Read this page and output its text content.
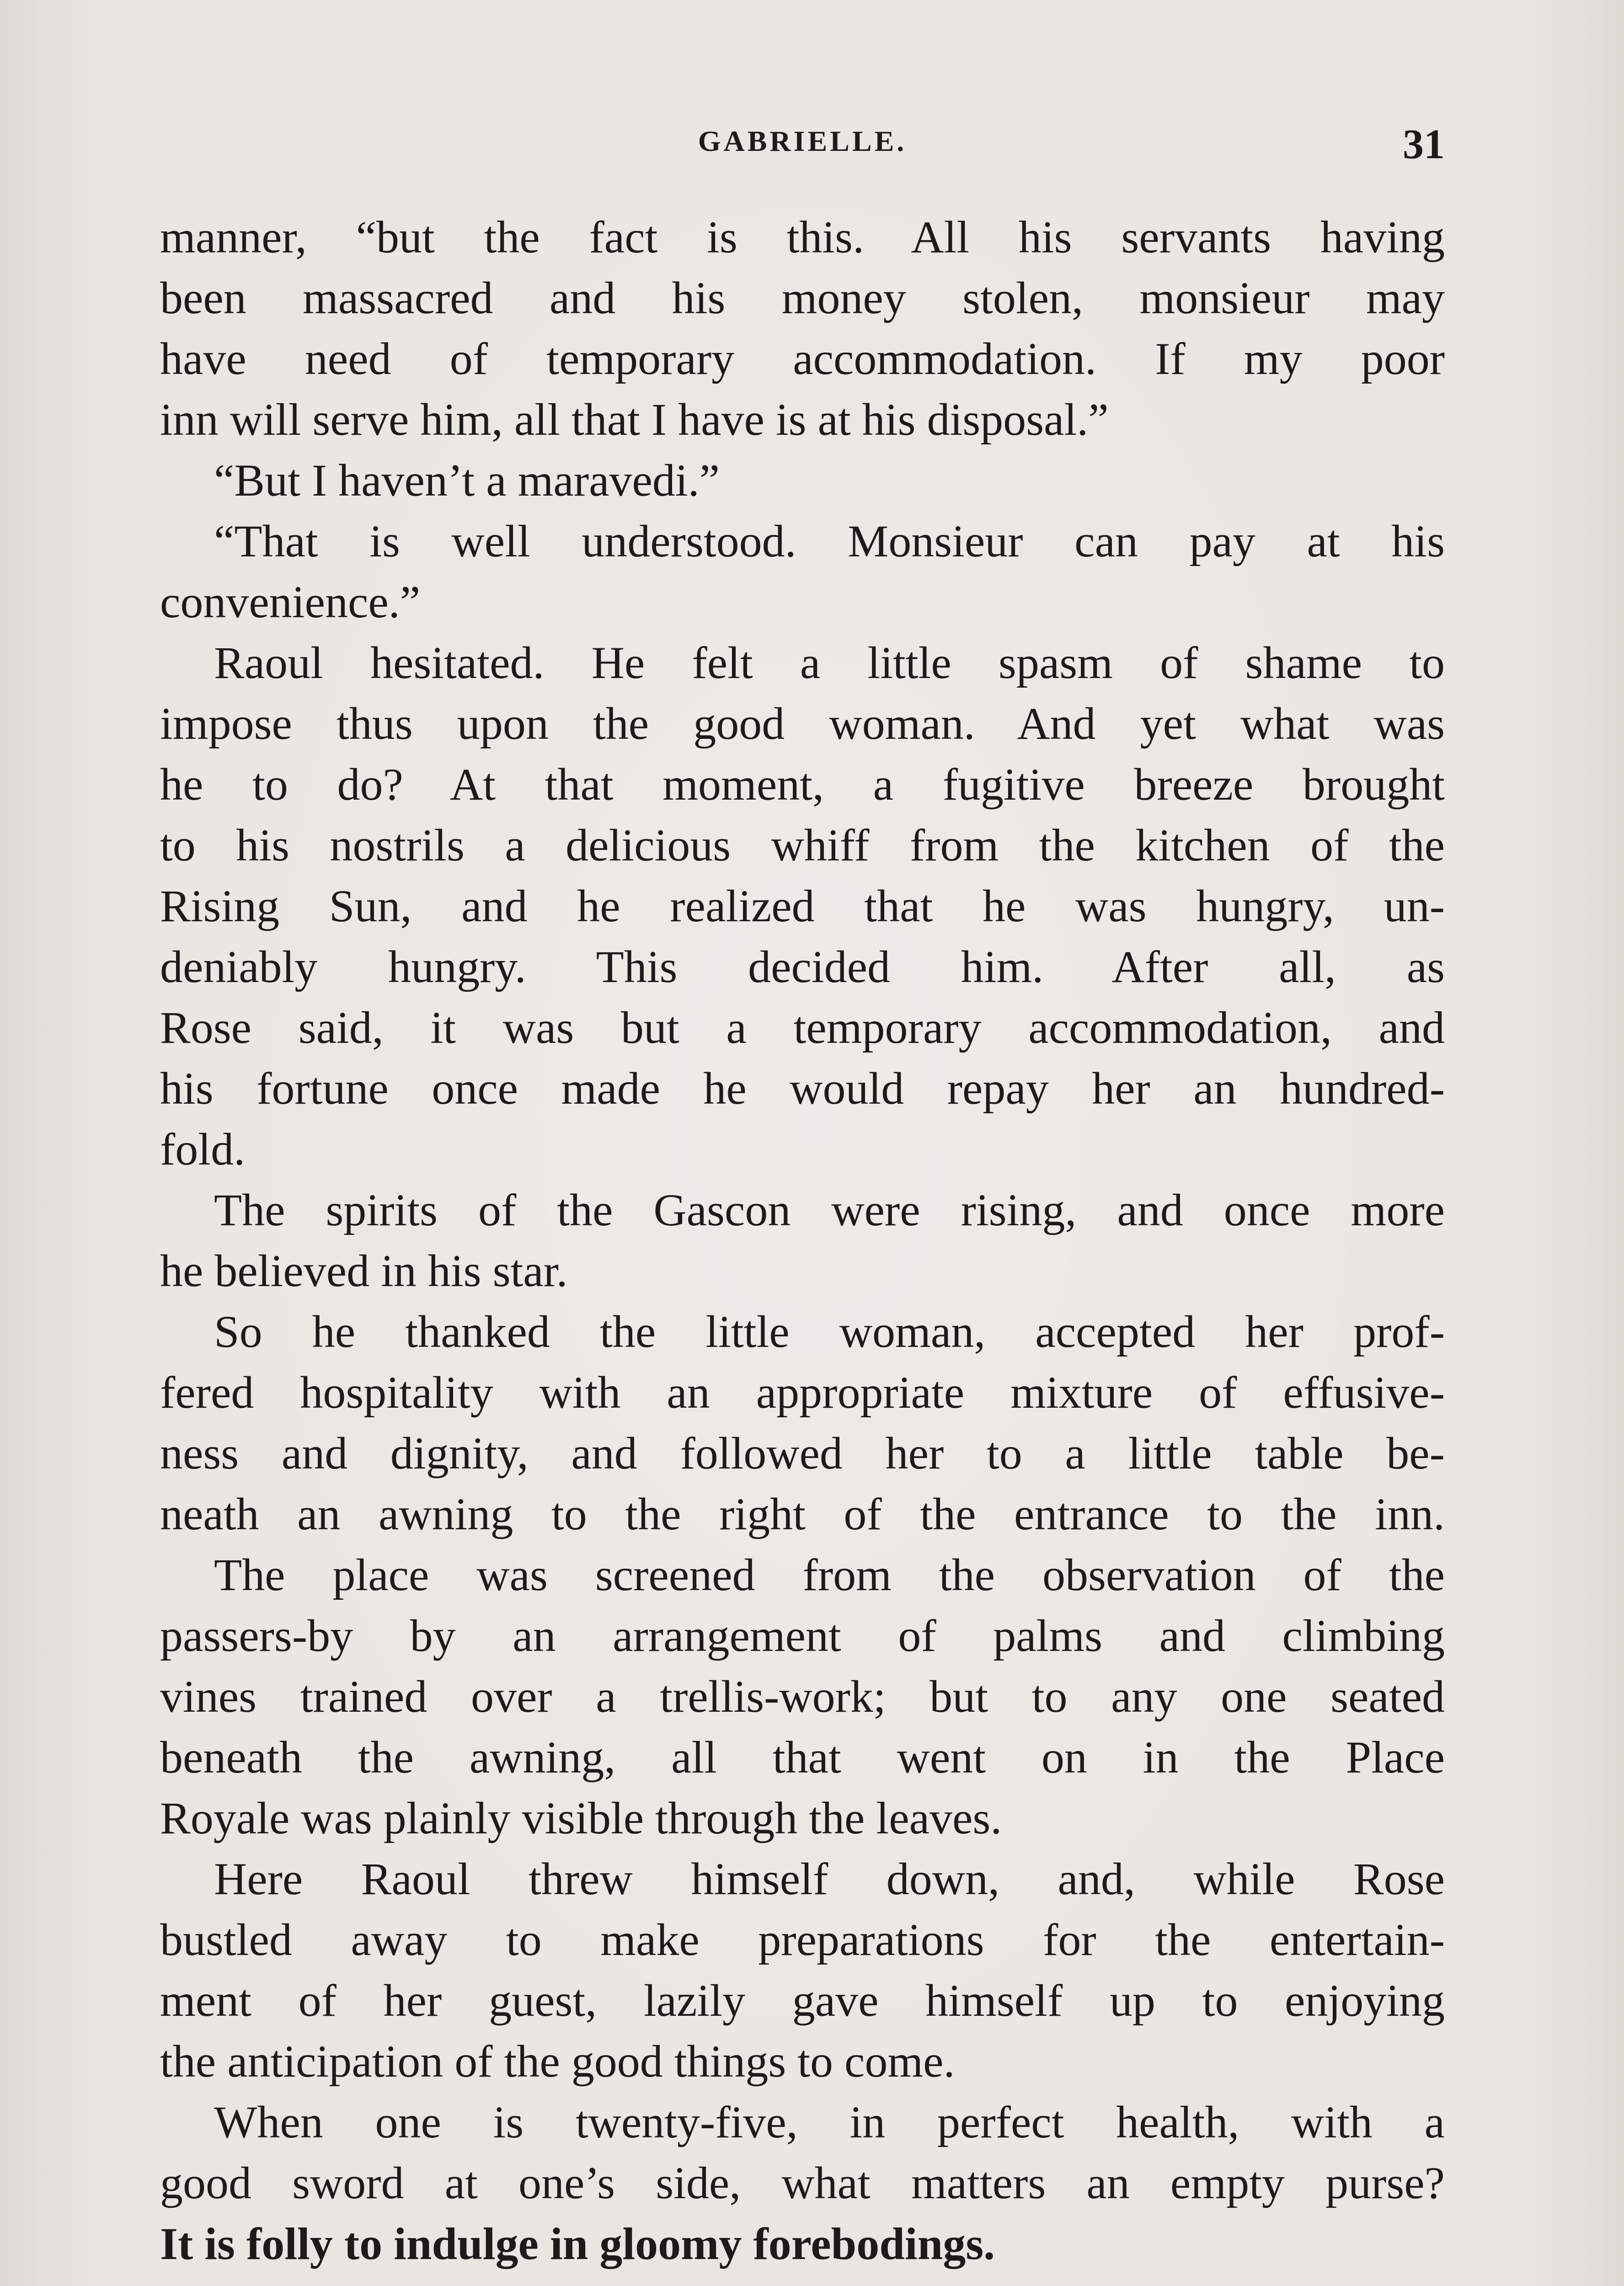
GABRIELLE.	31
manner, “but the fact is this. All his servants having
been massacred and his money stolen, monsieur may
have need of temporary accommodation. If my poor
inn will serve him, all that I have is at his disposal.”
“But I haven’t a maravedi.”
“That is well understood. Monsieur can pay at his
convenience.”
Raoul hesitated. He felt a little spasm of shame to
impose thus upon the good woman. And yet what was
he to do? At that moment, a fugitive breeze brought
to his nostrils a delicious whiff from the kitchen of the
Rising Sun, and he realized that he was hungry, un-
deniably hungry. This decided him. After all, as
Rose said, it was but a temporary accommodation, and
his fortune once made he would repay her an hundred-
fold.
The spirits of the Gascon were rising, and once more
he believed in his star.
So he thanked the little woman, accepted her prof-
fered hospitality with an appropriate mixture of effusive-
ness and dignity, and followed her to a little table be-
neath an awning to the right of the entrance to the inn.
The place was screened from the observation of the
passers-by by an arrangement of palms and climbing
vines trained over a trellis-work; but to any one seated
beneath the awning, all that went on in the Place
Royale was plainly visible through the leaves.
Here Raoul threw himself down, and, while Rose
bustled away to make preparations for the entertain-
ment of her guest, lazily gave himself up to enjoying
the anticipation of the good things to come.
When one is twenty-five, in perfect health, with a
good sword at one’s side, what matters an empty purse?
It is folly to indulge in gloomy forebodings.
